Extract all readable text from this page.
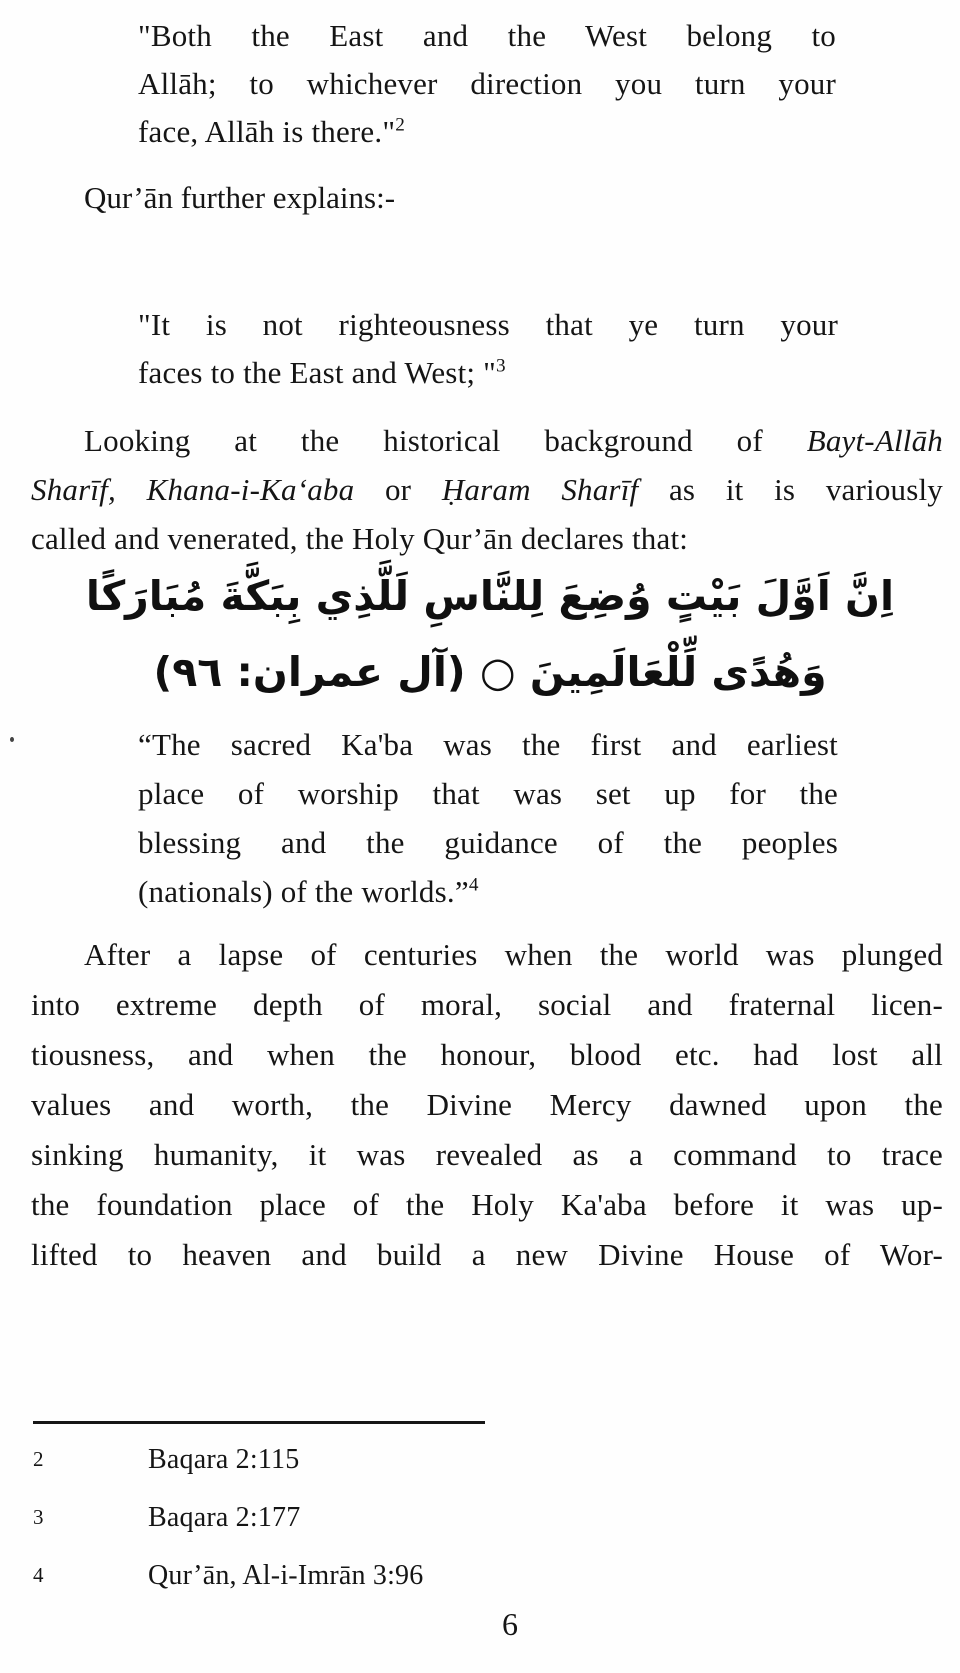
"Both the East and the West belong to
Allāh; to whichever direction you turn your
face, Allāh is there."$^2$
Qur’ān further explains:-
"It is not righteousness that ye turn your
faces to the East and West; "$^3$
Looking at the historical background of Bayt-Allāh
Sharīf, Khana-i-Ka‘aba or Ḥaram Sharīf as it is variously
called and venerated, the Holy Qur’ān declares that:
اِنَّ اَوَّلَ بَيْتٍ وُضِعَ لِلنَّاسِ لَلَّذِي بِبَكَّةَ مُبَارَكًا
وَهُدًى لِّلْعَالَمِينَ ○ (آل عمران: ٩٦)
“The sacred Ka'ba was the first and earliest
place of worship that was set up for the
blessing and the guidance of the peoples
(nationals) of the worlds.”$^4$
After a lapse of centuries when the world was plunged
into extreme depth of moral, social and fraternal licen-
tiousness, and when the honour, blood etc. had lost all
values and worth, the Divine Mercy dawned upon the
sinking humanity, it was revealed as a command to trace
the foundation place of the Holy Ka'aba before it was up-
lifted to heaven and build a new Divine House of Wor-
2	Baqara 2:115
3	Baqara 2:177
4	Qur’ān, Al-i-Imrān 3:96
6
